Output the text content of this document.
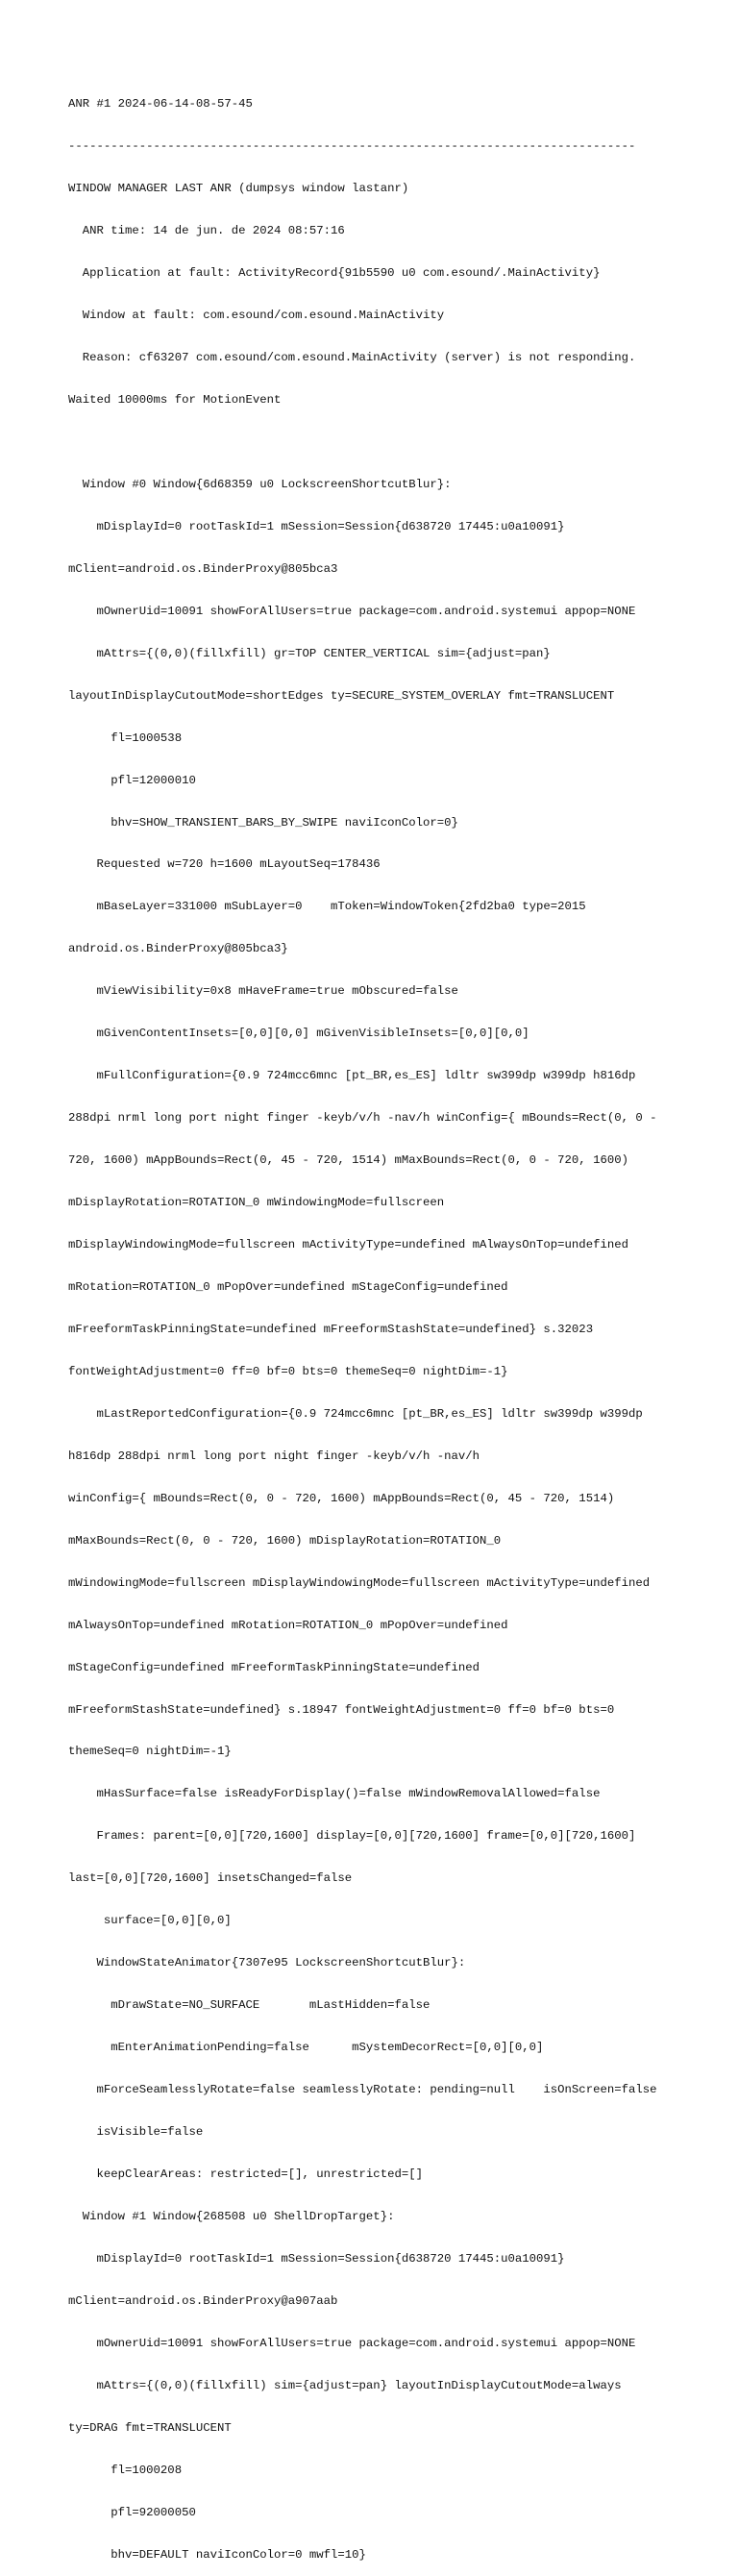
ANR #1 2024-06-14-08-57-45

--------------------------------------------------------------------------------

WINDOW MANAGER LAST ANR (dumpsys window lastanr)

ANR time: 14 de jun. de 2024 08:57:16

Application at fault: ActivityRecord{91b5590 u0 com.esound/.MainActivity}

Window at fault: com.esound/com.esound.MainActivity

Reason: cf63207 com.esound/com.esound.MainActivity (server) is not responding.

Waited 10000ms for MotionEvent

Window #0 Window{6d68359 u0 LockscreenShortcutBlur}:

mDisplayId=0 rootTaskId=1 mSession=Session{d638720 17445:u0a10091}

mClient=android.os.BinderProxy@805bca3

mOwnerUid=10091 showForAllUsers=true package=com.android.systemui appop=NONE

mAttrs={(0,0)(fillxfill) gr=TOP CENTER_VERTICAL sim={adjust=pan}

layoutInDisplayCutoutMode=shortEdges ty=SECURE_SYSTEM_OVERLAY fmt=TRANSLUCENT

fl=1000538

pfl=12000010

bhv=SHOW_TRANSIENT_BARS_BY_SWIPE naviIconColor=0}

Requested w=720 h=1600 mLayoutSeq=178436

mBaseLayer=331000 mSubLayer=0    mToken=WindowToken{2fd2ba0 type=2015

android.os.BinderProxy@805bca3}

mViewVisibility=0x8 mHaveFrame=true mObscured=false

mGivenContentInsets=[0,0][0,0] mGivenVisibleInsets=[0,0][0,0]

mFullConfiguration={0.9 724mcc6mnc [pt_BR,es_ES] ldltr sw399dp w399dp h816dp

288dpi nrml long port night finger -keyb/v/h -nav/h winConfig={ mBounds=Rect(0, 0 -

720, 1600) mAppBounds=Rect(0, 45 - 720, 1514) mMaxBounds=Rect(0, 0 - 720, 1600)

mDisplayRotation=ROTATION_0 mWindowingMode=fullscreen

mDisplayWindowingMode=fullscreen mActivityType=undefined mAlwaysOnTop=undefined

mRotation=ROTATION_0 mPopOver=undefined mStageConfig=undefined

mFreeformTaskPinningState=undefined mFreeformStashState=undefined} s.32023

fontWeightAdjustment=0 ff=0 bf=0 bts=0 themeSeq=0 nightDim=-1}

mLastReportedConfiguration={0.9 724mcc6mnc [pt_BR,es_ES] ldltr sw399dp w399dp

h816dp 288dpi nrml long port night finger -keyb/v/h -nav/h

winConfig={ mBounds=Rect(0, 0 - 720, 1600) mAppBounds=Rect(0, 45 - 720, 1514)

mMaxBounds=Rect(0, 0 - 720, 1600) mDisplayRotation=ROTATION_0

mWindowingMode=fullscreen mDisplayWindowingMode=fullscreen mActivityType=undefined

mAlwaysOnTop=undefined mRotation=ROTATION_0 mPopOver=undefined

mStageConfig=undefined mFreeformTaskPinningState=undefined

mFreeformStashState=undefined} s.18947 fontWeightAdjustment=0 ff=0 bf=0 bts=0

themeSeq=0 nightDim=-1}

mHasSurface=false isReadyForDisplay()=false mWindowRemovalAllowed=false

Frames: parent=[0,0][720,1600] display=[0,0][720,1600] frame=[0,0][720,1600]

last=[0,0][720,1600] insetsChanged=false

surface=[0,0][0,0]

WindowStateAnimator{7307e95 LockscreenShortcutBlur}:

mDrawState=NO_SURFACE       mLastHidden=false

mEnterAnimationPending=false      mSystemDecorRect=[0,0][0,0]

mForceSeamlesslyRotate=false seamlesslyRotate: pending=null    isOnScreen=false

isVisible=false

keepClearAreas: restricted=[], unrestricted=[]

Window #1 Window{268508 u0 ShellDropTarget}:

mDisplayId=0 rootTaskId=1 mSession=Session{d638720 17445:u0a10091}

mClient=android.os.BinderProxy@a907aab

mOwnerUid=10091 showForAllUsers=true package=com.android.systemui appop=NONE

mAttrs={(0,0)(fillxfill) sim={adjust=pan} layoutInDisplayCutoutMode=always

ty=DRAG fmt=TRANSLUCENT

fl=1000208

pfl=92000050

bhv=DEFAULT naviIconColor=0 mwfl=10}
